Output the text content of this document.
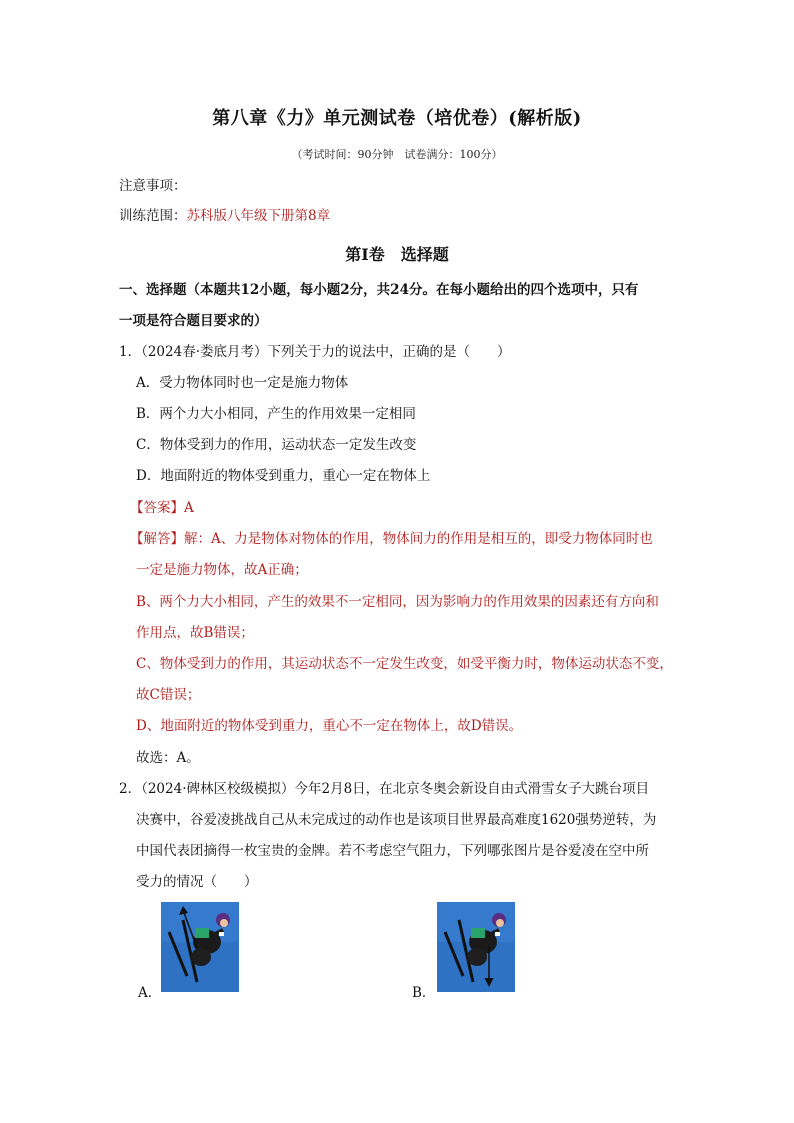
第八章《力》单元测试卷（培优卷）(解析版)
（考试时间：90分钟　试卷满分：100分）
注意事项：
训练范围：苏科版八年级下册第8章
第Ⅰ卷　选择题
一、选择题（本题共12小题，每小题2分，共24分。在每小题给出的四个选项中，只有
一项是符合题目要求的）
1．（2024春·娄底月考）下列关于力的说法中，正确的是（　　）
A．受力物体同时也一定是施力物体
B．两个力大小相同，产生的作用效果一定相同
C．物体受到力的作用，运动状态一定发生改变
D．地面附近的物体受到重力，重心一定在物体上
【答案】A
【解答】解：A、力是物体对物体的作用，物体间力的作用是相互的，即受力物体同时也
一定是施力物体，故A正确；
B、两个力大小相同，产生的效果不一定相同，因为影响力的作用效果的因素还有方向和
作用点，故B错误；
C、物体受到力的作用，其运动状态不一定发生改变，如受平衡力时，物体运动状态不变，
故C错误；
D、地面附近的物体受到重力，重心不一定在物体上，故D错误。
故选：A。
2．（2024·碑林区校级模拟）今年2月8日，在北京冬奥会新设自由式滑雪女子大跳台项目
决赛中，谷爱凌挑战自己从未完成过的动作也是该项目世界最高难度1620强势逆转，为
中国代表团摘得一枚宝贵的金牌。若不考虑空气阻力，下列哪张图片是谷爱凌在空中所
受力的情况（　　）
A．	B．
